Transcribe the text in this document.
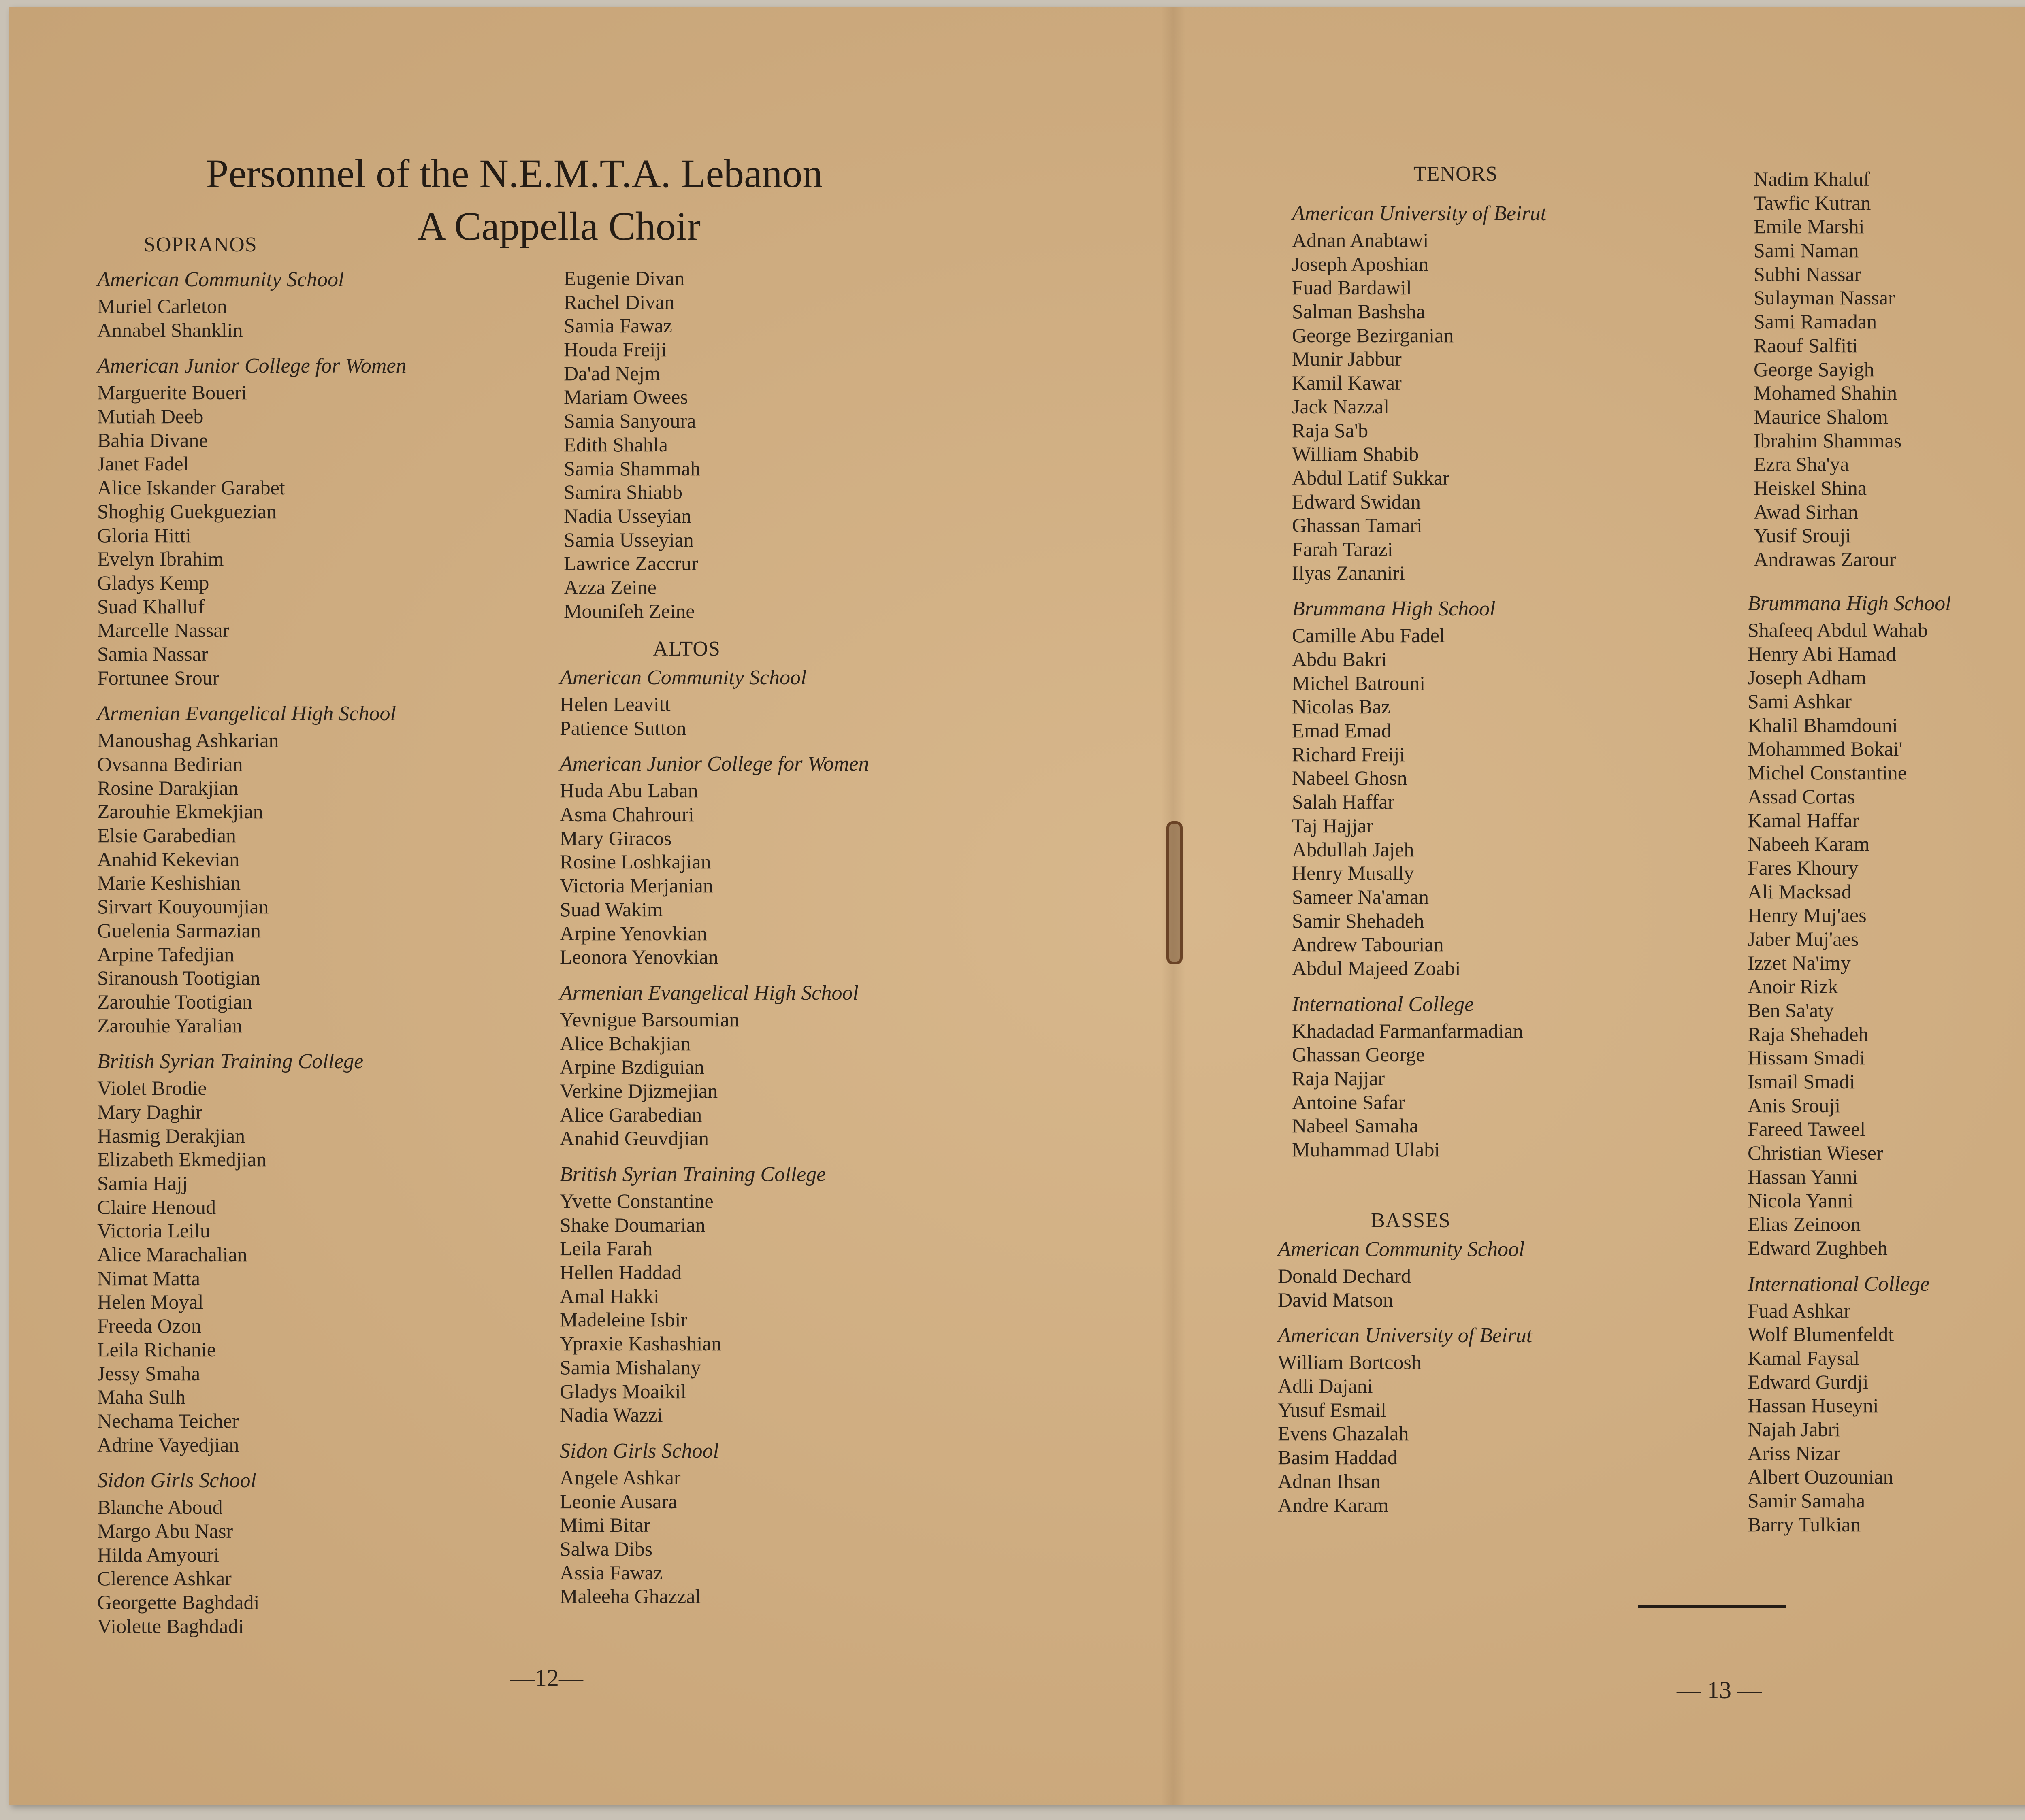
Personnel of the N.E.M.T.A. Lebanon
A Cappella Choir
SOPRANOS
American Community School
Muriel Carleton
Annabel Shanklin
American Junior College for Women
Marguerite Boueri
Mutiah Deeb
Bahia Divane
Janet Fadel
Alice Iskander Garabet
Shoghig Guekguezian
Gloria Hitti
Evelyn Ibrahim
Gladys Kemp
Suad Khalluf
Marcelle Nassar
Samia Nassar
Fortunee Srour
Armenian Evangelical High School
Manoushag Ashkarian
Ovsanna Bedirian
Rosine Darakjian
Zarouhie Ekmekjian
Elsie Garabedian
Anahid Kekevian
Marie Keshishian
Sirvart Kouyoumjian
Guelenia Sarmazian
Arpine Tafedjian
Siranoush Tootigian
Zarouhie Tootigian
Zarouhie Yaralian
British Syrian Training College
Violet Brodie
Mary Daghir
Hasmig Derakjian
Elizabeth Ekmedjian
Samia Hajj
Claire Henoud
Victoria Leilu
Alice Marachalian
Nimat Matta
Helen Moyal
Freeda Ozon
Leila Richanie
Jessy Smaha
Maha Sulh
Nechama Teicher
Adrine Vayedjian
Sidon Girls School
Blanche Aboud
Margo Abu Nasr
Hilda Amyouri
Clerence Ashkar
Georgette Baghdadi
Violette Baghdadi
Eugenie Divan
Rachel Divan
Samia Fawaz
Houda Freiji
Da'ad Nejm
Mariam Owees
Samia Sanyoura
Edith Shahla
Samia Shammah
Samira Shiabb
Nadia Usseyian
Samia Usseyian
Lawrice Zaccrur
Azza Zeine
Mounifeh Zeine
ALTOS
American Community School
Helen Leavitt
Patience Sutton
American Junior College for Women
Huda Abu Laban
Asma Chahrouri
Mary Giracos
Rosine Loshkajian
Victoria Merjanian
Suad Wakim
Arpine Yenovkian
Leonora Yenovkian
Armenian Evangelical High School
Yevnigue Barsoumian
Alice Bchakjian
Arpine Bzdiguian
Verkine Djizmejian
Alice Garabedian
Anahid Geuvdjian
British Syrian Training College
Yvette Constantine
Shake Doumarian
Leila Farah
Hellen Haddad
Amal Hakki
Madeleine Isbir
Ypraxie Kashashian
Samia Mishalany
Gladys Moaikil
Nadia Wazzi
Sidon Girls School
Angele Ashkar
Leonie Ausara
Mimi Bitar
Salwa Dibs
Assia Fawaz
Maleeha Ghazzal
TENORS
American University of Beirut
Adnan Anabtawi
Joseph Aposhian
Fuad Bardawil
Salman Bashsha
George Bezirganian
Munir Jabbur
Kamil Kawar
Jack Nazzal
Raja Sa'b
William Shabib
Abdul Latif Sukkar
Edward Swidan
Ghassan Tamari
Farah Tarazi
Ilyas Zananiri
Brummana High School
Camille Abu Fadel
Abdu Bakri
Michel Batrouni
Nicolas Baz
Emad Emad
Richard Freiji
Nabeel Ghosn
Salah Haffar
Taj Hajjar
Abdullah Jajeh
Henry Musally
Sameer Na'aman
Samir Shehadeh
Andrew Tabourian
Abdul Majeed Zoabi
International College
Khadadad Farmanfarmadian
Ghassan George
Raja Najjar
Antoine Safar
Nabeel Samaha
Muhammad Ulabi
Nadim Khaluf
Tawfic Kutran
Emile Marshi
Sami Naman
Subhi Nassar
Sulayman Nassar
Sami Ramadan
Raouf Salfiti
George Sayigh
Mohamed Shahin
Maurice Shalom
Ibrahim Shammas
Ezra Sha'ya
Heiskel Shina
Awad Sirhan
Yusif Srouji
Andrawas Zarour
BASSES
American Community School
Donald Dechard
David Matson
American University of Beirut
William Bortcosh
Adli Dajani
Yusuf Esmail
Evens Ghazalah
Basim Haddad
Adnan Ihsan
Andre Karam
Brummana High School
Shafeeq Abdul Wahab
Henry Abi Hamad
Joseph Adham
Sami Ashkar
Khalil Bhamdouni
Mohammed Bokai'
Michel Constantine
Assad Cortas
Kamal Haffar
Nabeeh Karam
Fares Khoury
Ali Macksad
Henry Muj'aes
Jaber Muj'aes
Izzet Na'imy
Anoir Rizk
Ben Sa'aty
Raja Shehadeh
Hissam Smadi
Ismail Smadi
Anis Srouji
Fareed Taweel
Christian Wieser
Hassan Yanni
Nicola Yanni
Elias Zeinoon
Edward Zughbeh
International College
Fuad Ashkar
Wolf Blumenfeldt
Kamal Faysal
Edward Gurdji
Hassan Huseyni
Najah Jabri
Ariss Nizar
Albert Ouzounian
Samir Samaha
Barry Tulkian
—12—	— 13 —
